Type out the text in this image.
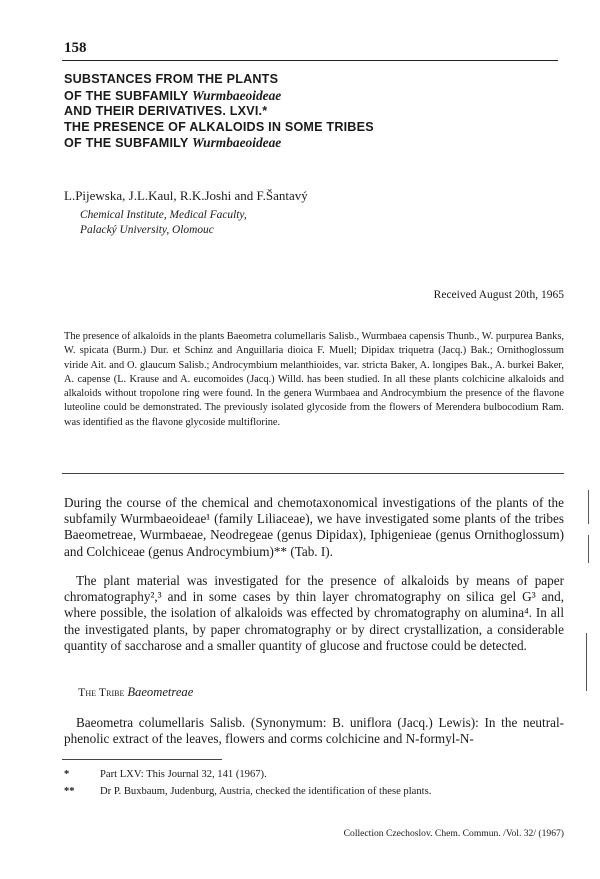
158
SUBSTANCES FROM THE PLANTS
OF THE SUBFAMILY Wurmbaeoideae
AND THEIR DERIVATIVES. LXVI.*
THE PRESENCE OF ALKALOIDS IN SOME TRIBES
OF THE SUBFAMILY Wurmbaeoideae
L.Pijewska, J.L.Kaul, R.K.Joshi and F.Šantavý
Chemical Institute, Medical Faculty,
Palacký University, Olomouc
Received August 20th, 1965
The presence of alkaloids in the plants Baeometra columellaris Salisb., Wurmbaea capensis Thunb., W. purpurea Banks, W. spicata (Burm.) Dur. et Schinz and Anguillaria dioica F. Muell; Dipidax triquetra (Jacq.) Bak.; Ornithoglossum viride Ait. and O. glaucum Salisb.; Androcymbium melanthioides, var. stricta Baker, A. longipes Bak., A. burkei Baker, A. capense (L. Krause and A. eucomoides (Jacq.) Willd. has been studied. In all these plants colchicine alkaloids and alkaloids without tropolone ring were found. In the genera Wurmbaea and Androcymbium the presence of the flavone luteoline could be demonstrated. The previously isolated glycoside from the flowers of Merendera bulbocodium Ram. was identified as the flavone glycoside multiflorine.
During the course of the chemical and chemotaxonomical investigations of the plants of the subfamily Wurmbaeoideae¹ (family Liliaceae), we have investigated some plants of the tribes Baeometreae, Wurmbaeae, Neodregeae (genus Dipidax), Iphigenieae (genus Ornithoglossum) and Colchiceae (genus Androcymbium)** (Tab. I).
The plant material was investigated for the presence of alkaloids by means of paper chromatography²,³ and in some cases by thin layer chromatography on silica gel G³ and, where possible, the isolation of alkaloids was effected by chromatography on alumina⁴. In all the investigated plants, by paper chromatography or by direct crystallization, a considerable quantity of saccharose and a smaller quantity of glucose and fructose could be detected.
The Tribe Baeometreae
Baeometra columellaris Salisb. (Synonymum: B. uniflora (Jacq.) Lewis): In the neutral-phenolic extract of the leaves, flowers and corms colchicine and N-formyl-N-
*	Part LXV: This Journal 32, 141 (1967).
**	Dr P. Buxbaum, Judenburg, Austria, checked the identification of these plants.
Collection Czechoslov. Chem. Commun. /Vol. 32/ (1967)
